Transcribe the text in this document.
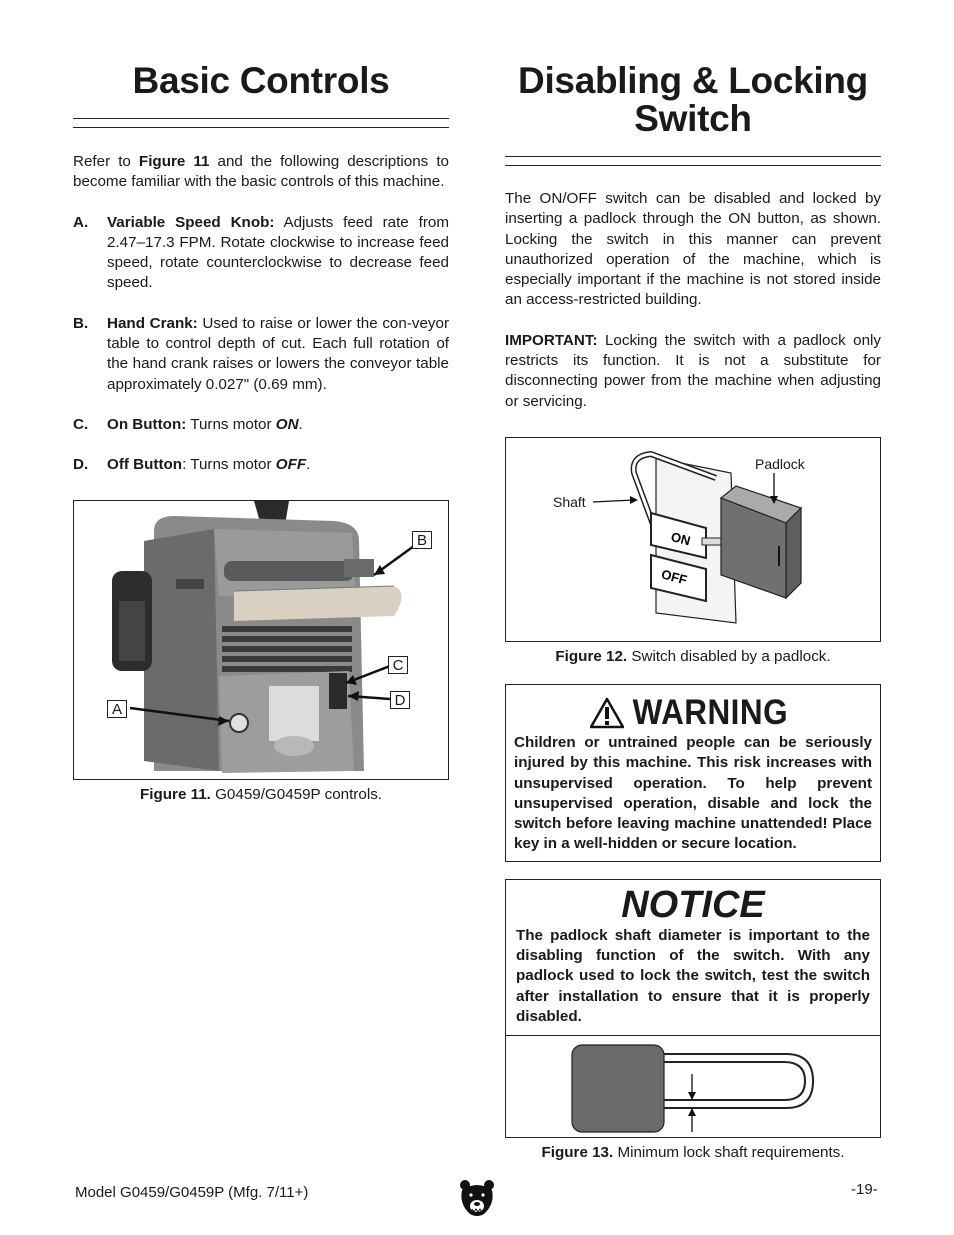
Basic Controls

Refer to Figure 11 and the following descriptions to become familiar with the basic controls of this machine.

A.	Variable Speed Knob: Adjusts feed rate from 2.47–17.3 FPM. Rotate clockwise to increase feed speed, rotate counterclockwise to decrease feed speed.
B.	Hand Crank: Used to raise or lower the con-veyor table to control depth of cut. Each full rotation of the hand crank raises or lowers the conveyor table approximately 0.027" (0.69 mm).
C.	On Button: Turns motor ON.
D.	Off Button: Turns motor OFF.
B
C
D
A
Figure 11. G0459/G0459P controls.
Disabling & Locking
Switch

The ON/OFF switch can be disabled and locked by inserting a padlock through the ON button, as shown. Locking the switch in this manner can prevent unauthorized operation of the machine, which is especially important if the machine is not stored inside an access-restricted building.

IMPORTANT: Locking the switch with a padlock only restricts its function. It is not a substitute for disconnecting power from the machine when adjusting or servicing.

ON
OFF
Padlock
Shaft
Figure 12. Switch disabled by a padlock.
WARNING

Children or untrained people can be seriously injured by this machine. This risk increases with unsupervised operation. To help prevent unsupervised operation, disable and lock the switch before leaving machine unattended! Place key in a well-hidden or secure location.

NOTICE

The padlock shaft diameter is important to the disabling function of the switch. With any padlock used to lock the switch, test the switch after installation to ensure that it is properly disabled.

Figure 13. Minimum lock shaft requirements.
Model G0459/G0459P (Mfg. 7/11+)	-19-
